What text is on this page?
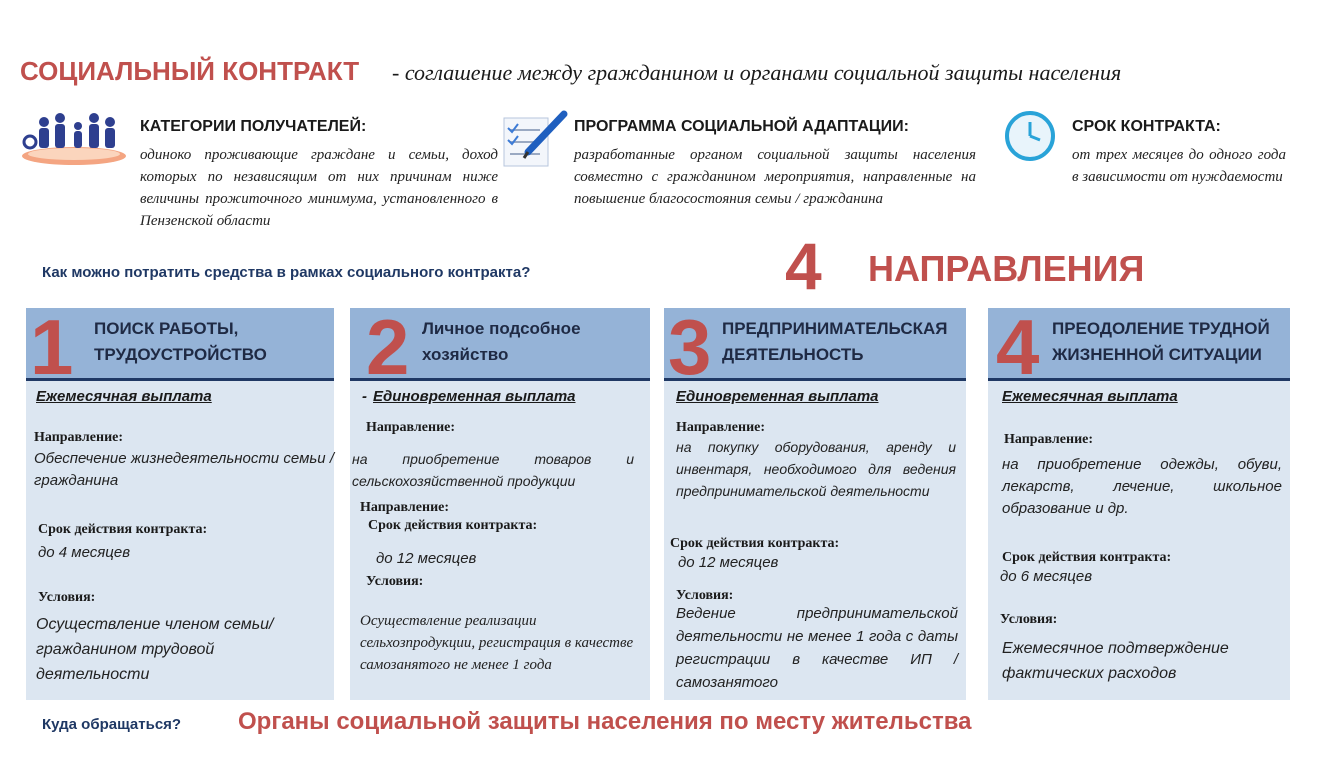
СОЦИАЛЬНЫЙ КОНТРАКТ - соглашение между гражданином и органами социальной защиты населения
КАТЕГОРИИ ПОЛУЧАТЕЛЕЙ:
одиноко проживающие граждане и семьи, доход которых по независящим от них причинам ниже величины прожиточного минимума, установленного в Пензенской области
ПРОГРАММА СОЦИАЛЬНОЙ АДАПТАЦИИ:
разработанные органом социальной защиты населения совместно с гражданином мероприятия, направленные на повышение благосостояния семьи / гражданина
СРОК КОНТРАКТА:
от трех месяцев до одного года в зависимости от нуждаемости
Как можно потратить средства в рамках социального контракта?	4 НАПРАВЛЕНИЯ
1 ПОИСК РАБОТЫ, ТРУДОУСТРОЙСТВО
Ежемесячная выплата
Направление:
Обеспечение жизнедеятельности семьи / гражданина
Срок действия контракта:
до 4 месяцев
Условия:
Осуществление членом семьи/ гражданином трудовой деятельности
2 Личное подсобное хозяйство
- Единовременная выплата
Направление:
на приобретение товаров и сельскохозяйственной продукции
Направление:
Срок действия контракта:
до 12 месяцев
Условия:
Осуществление реализации сельхозпродукции, регистрация в качестве самозанятого не менее 1 года
3 ПРЕДПРИНИМАТЕЛЬСКАЯ ДЕЯТЕЛЬНОСТЬ
Единовременная выплата
Направление:
на покупку оборудования, аренду и инвентаря, необходимого для ведения предпринимательской деятельности
Срок действия контракта:
до 12 месяцев
Условия:
Ведение предпринимательской деятельности не менее 1 года с даты регистрации в качестве ИП / самозанятого
4 ПРЕОДОЛЕНИЕ ТРУДНОЙ ЖИЗНЕННОЙ СИТУАЦИИ
Ежемесячная выплата
Направление:
на приобретение одежды, обуви, лекарств, лечение, школьное образование и др.
Срок действия контракта:
до 6 месяцев
Условия:
Ежемесячное подтверждение фактических расходов
Куда обращаться? Органы социальной защиты населения по месту жительства
